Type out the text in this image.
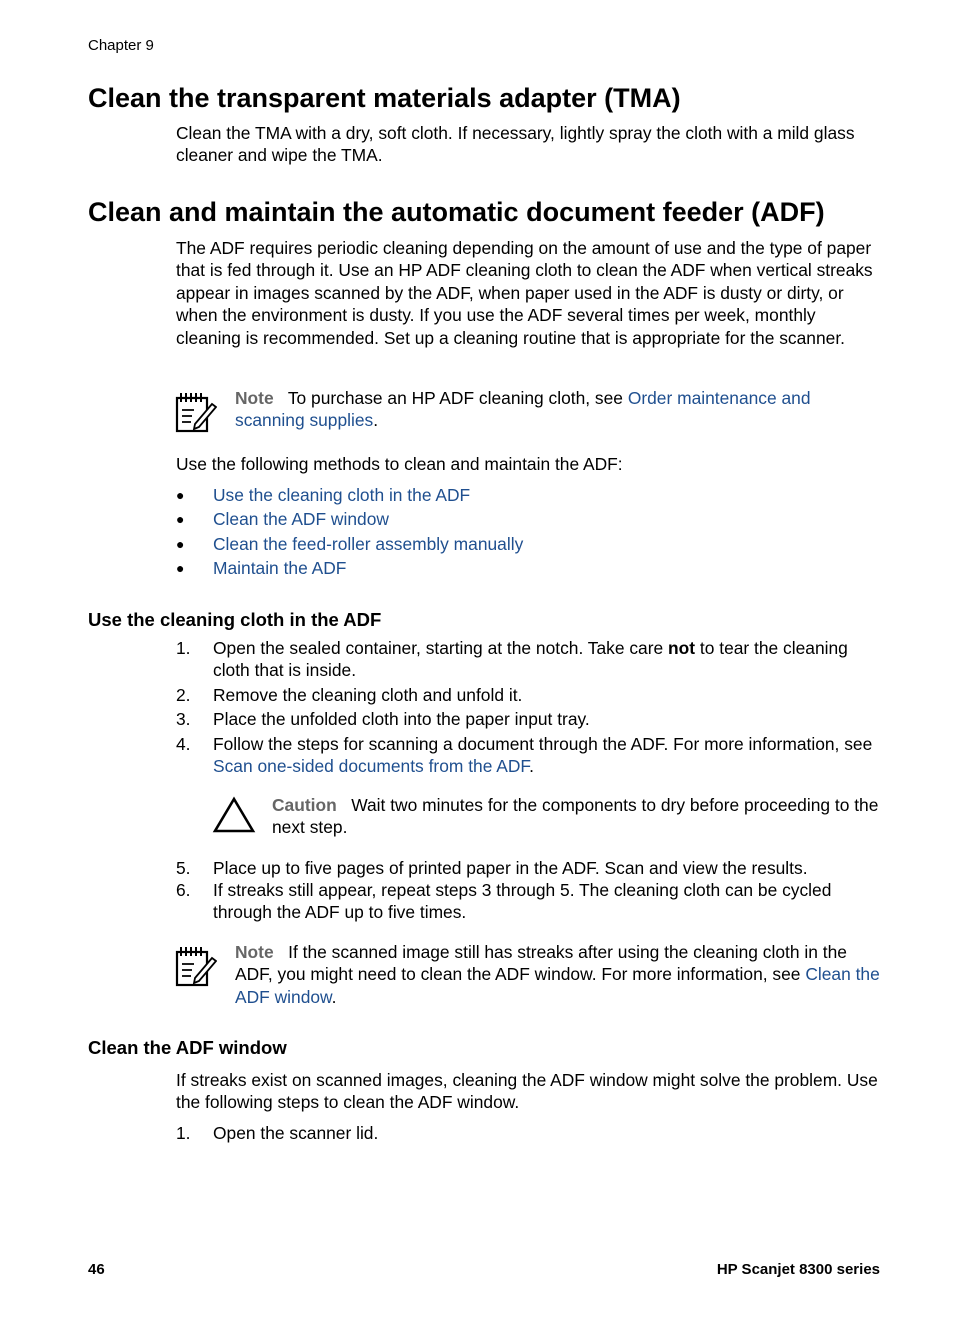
Chapter 9
Clean the transparent materials adapter (TMA)
Clean the TMA with a dry, soft cloth. If necessary, lightly spray the cloth with a mild glass cleaner and wipe the TMA.
Clean and maintain the automatic document feeder (ADF)
The ADF requires periodic cleaning depending on the amount of use and the type of paper that is fed through it. Use an HP ADF cleaning cloth to clean the ADF when vertical streaks appear in images scanned by the ADF, when paper used in the ADF is dusty or dirty, or when the environment is dusty. If you use the ADF several times per week, monthly cleaning is recommended. Set up a cleaning routine that is appropriate for the scanner.
Note To purchase an HP ADF cleaning cloth, see Order maintenance and scanning supplies.
Use the following methods to clean and maintain the ADF:
● Use the cleaning cloth in the ADF
● Clean the ADF window
● Clean the feed-roller assembly manually
● Maintain the ADF
Use the cleaning cloth in the ADF
1.	Open the sealed container, starting at the notch. Take care not to tear the cleaning cloth that is inside.
2.	Remove the cleaning cloth and unfold it.
3.	Place the unfolded cloth into the paper input tray.
4.	Follow the steps for scanning a document through the ADF. For more information, see Scan one-sided documents from the ADF.
Caution Wait two minutes for the components to dry before proceeding to the next step.
5.	Place up to five pages of printed paper in the ADF. Scan and view the results.
6.	If streaks still appear, repeat steps 3 through 5. The cleaning cloth can be cycled through the ADF up to five times.
Note If the scanned image still has streaks after using the cleaning cloth in the ADF, you might need to clean the ADF window. For more information, see Clean the ADF window.
Clean the ADF window
If streaks exist on scanned images, cleaning the ADF window might solve the problem. Use the following steps to clean the ADF window.
1.	Open the scanner lid.
46	HP Scanjet 8300 series
